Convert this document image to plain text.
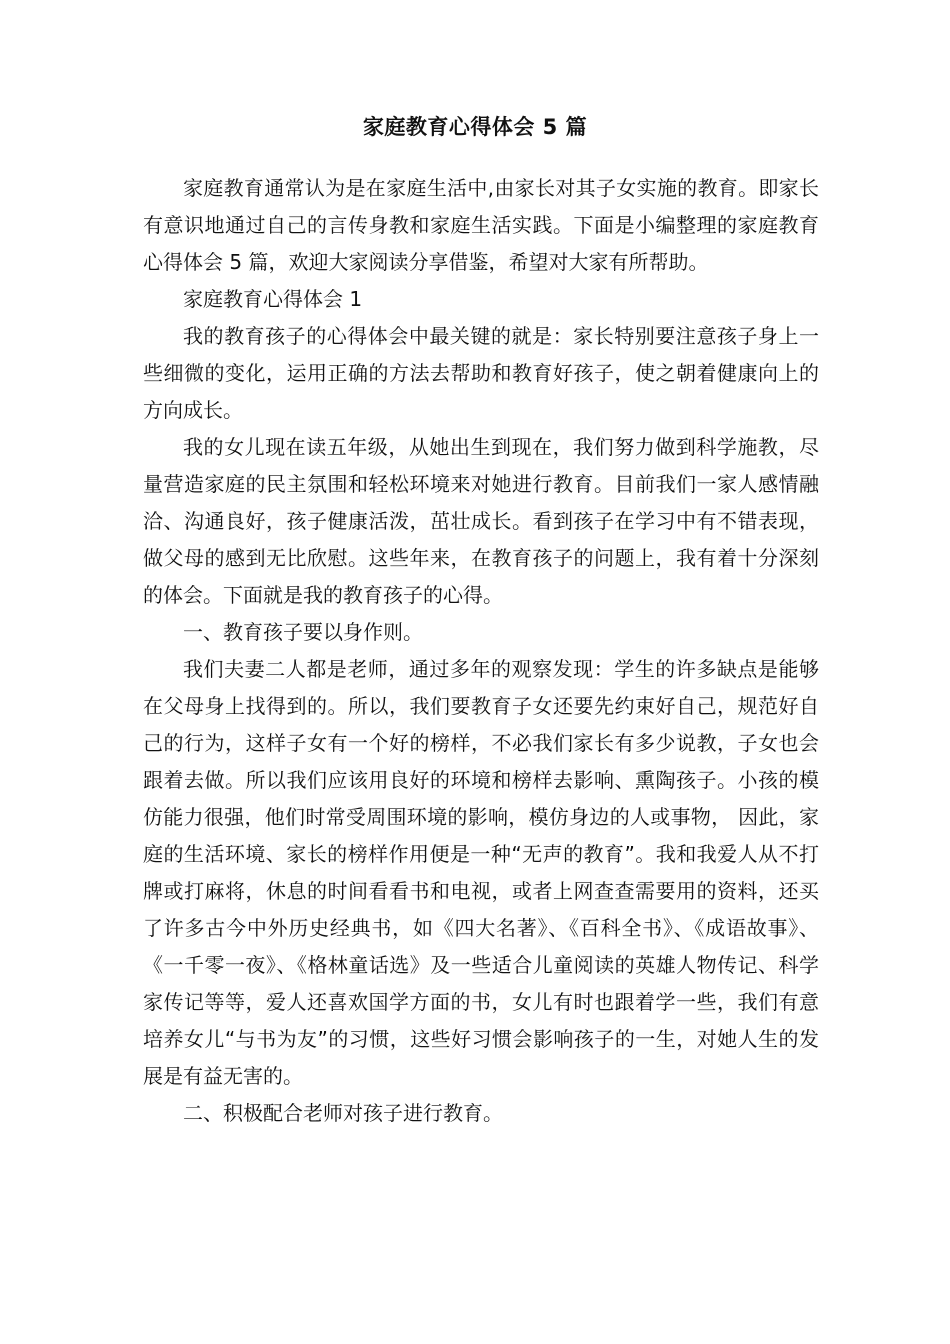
家庭教育心得体会 5 篇

家庭教育通常认为是在家庭生活中,由家长对其子女实施的教育。即家长有意识地通过自己的言传身教和家庭生活实践。下面是小编整理的家庭教育心得体会 5 篇，欢迎大家阅读分享借鉴，希望对大家有所帮助。

家庭教育心得体会 1

我的教育孩子的心得体会中最关键的就是：家长特别要注意孩子身上一些细微的变化，运用正确的方法去帮助和教育好孩子，使之朝着健康向上的方向成长。

我的女儿现在读五年级，从她出生到现在，我们努力做到科学施教，尽量营造家庭的民主氛围和轻松环境来对她进行教育。目前我们一家人感情融洽、沟通良好，孩子健康活泼，茁壮成长。看到孩子在学习中有不错表现，做父母的感到无比欣慰。这些年来，在教育孩子的问题上，我有着十分深刻的体会。下面就是我的教育孩子的心得。

一、教育孩子要以身作则。

我们夫妻二人都是老师，通过多年的观察发现：学生的许多缺点是能够在父母身上找得到的。所以，我们要教育子女还要先约束好自己，规范好自己的行为，这样子女有一个好的榜样，不必我们家长有多少说教，子女也会跟着去做。所以我们应该用良好的环境和榜样去影响、熏陶孩子。小孩的模仿能力很强，他们时常受周围环境的影响，模仿身边的人或事物， 因此，家庭的生活环境、家长的榜样作用便是一种“无声的教育”。我和我爱人从不打牌或打麻将，休息的时间看看书和电视，或者上网查查需要用的资料，还买了许多古今中外历史经典书，如《四大名著》、《百科全书》、《成语故事》、《一千零一夜》、《格林童话选》及一些适合儿童阅读的英雄人物传记、科学家传记等等，爱人还喜欢国学方面的书，女儿有时也跟着学一些，我们有意培养女儿“与书为友”的习惯，这些好习惯会影响孩子的一生，对她人生的发展是有益无害的。

二、积极配合老师对孩子进行教育。
